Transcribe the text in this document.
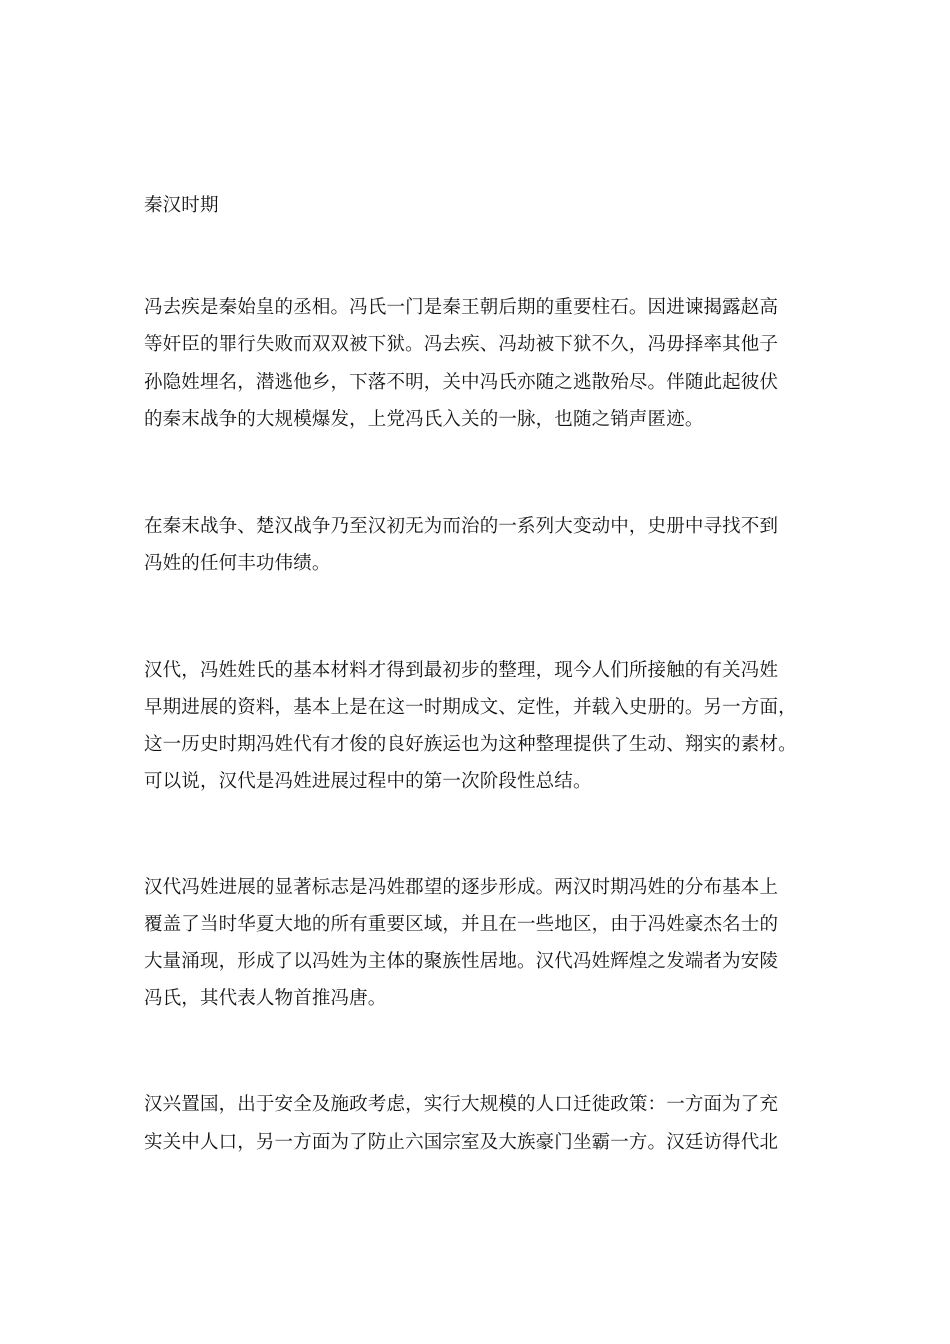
秦汉时期

冯去疾是秦始皇的丞相。冯氏一门是秦王朝后期的重要柱石。因进谏揭露赵高

等奸臣的罪行失败而双双被下狱。冯去疾、冯劫被下狱不久，冯毋择率其他子

孙隐姓埋名，潜逃他乡，下落不明，关中冯氏亦随之逃散殆尽。伴随此起彼伏

的秦末战争的大规模爆发，上党冯氏入关的一脉，也随之销声匿迹。

在秦末战争、楚汉战争乃至汉初无为而治的一系列大变动中，史册中寻找不到

冯姓的任何丰功伟绩。

汉代，冯姓姓氏的基本材料才得到最初步的整理，现今人们所接触的有关冯姓

早期进展的资料，基本上是在这一时期成文、定性，并载入史册的。另一方面，

这一历史时期冯姓代有才俊的良好族运也为这种整理提供了生动、翔实的素材。

可以说，汉代是冯姓进展过程中的第一次阶段性总结。

汉代冯姓进展的显著标志是冯姓郡望的逐步形成。两汉时期冯姓的分布基本上

覆盖了当时华夏大地的所有重要区域，并且在一些地区，由于冯姓豪杰名士的

大量涌现，形成了以冯姓为主体的聚族性居地。汉代冯姓辉煌之发端者为安陵

冯氏，其代表人物首推冯唐。

汉兴置国，出于安全及施政考虑，实行大规模的人口迁徙政策：一方面为了充

实关中人口，另一方面为了防止六国宗室及大族豪门坐霸一方。汉廷访得代北
